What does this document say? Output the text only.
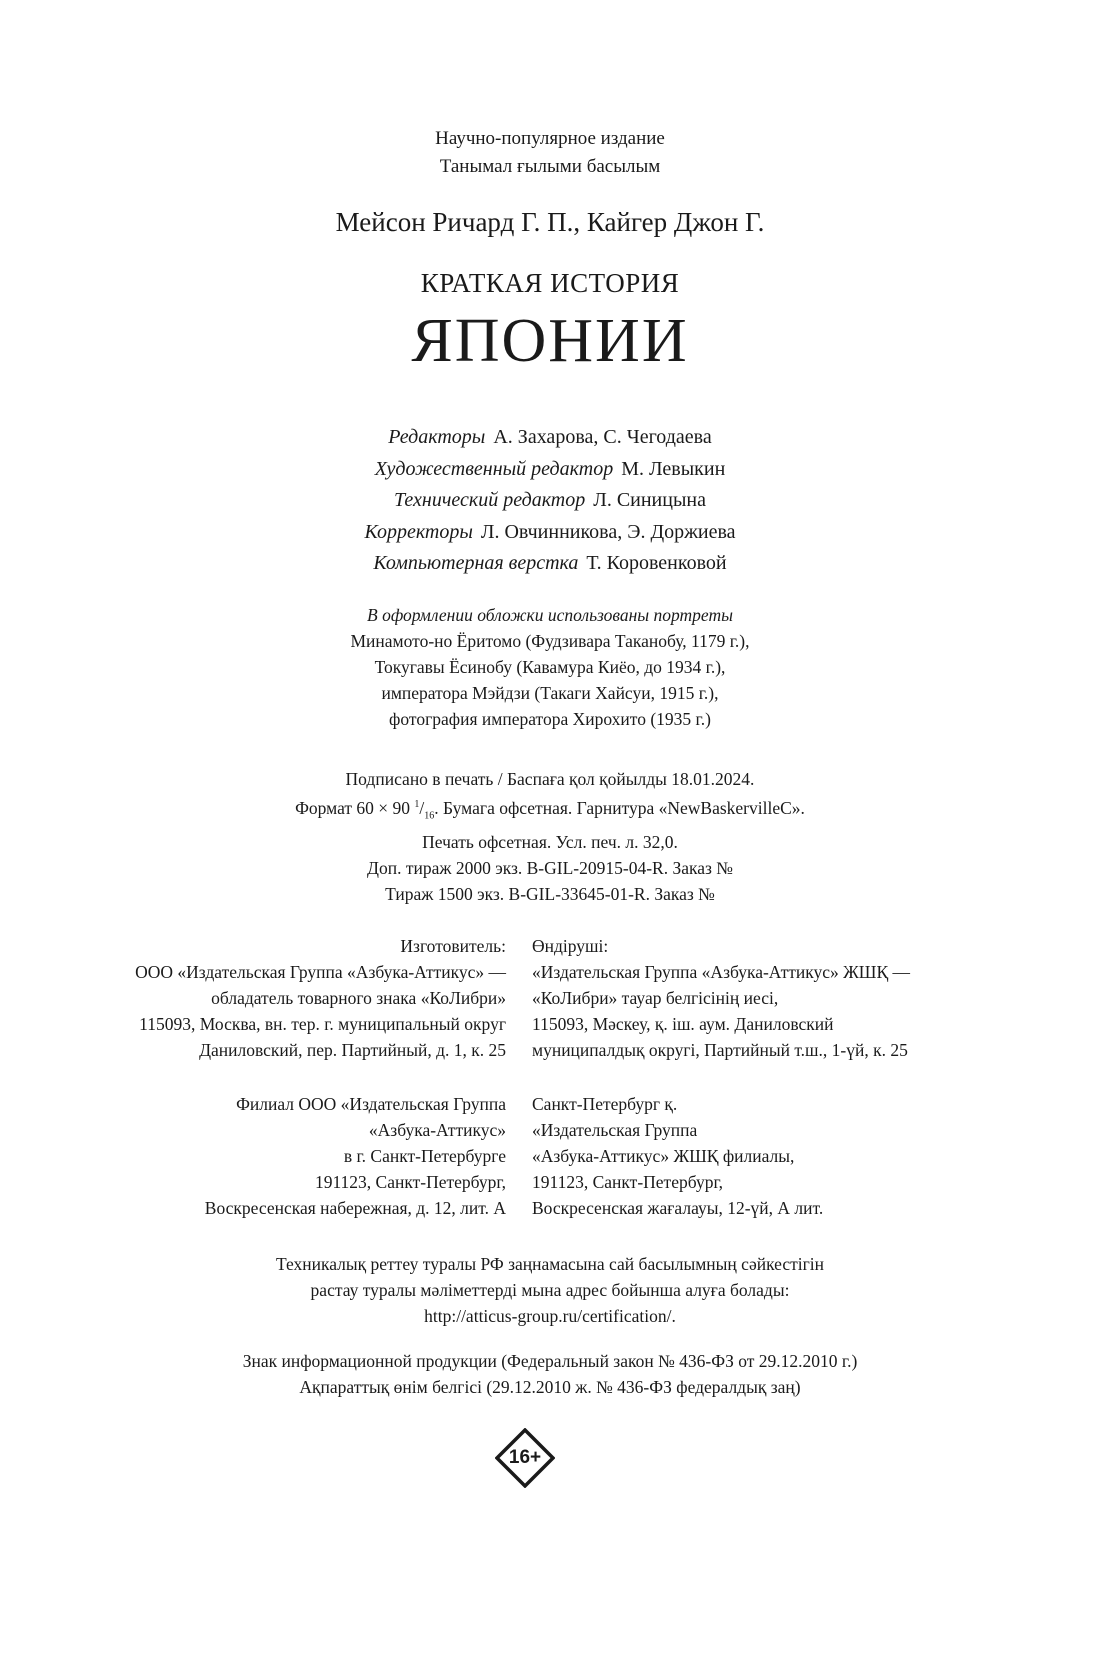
Научно-популярное издание
Танымал ғылыми басылым
Мейсон Ричард Г. П., Кайгер Джон Г.
КРАТКАЯ ИСТОРИЯ
ЯПОНИИ
Редакторы А. Захарова, С. Чегодаева
Художественный редактор М. Левыкин
Технический редактор Л. Синицына
Корректоры Л. Овчинникова, Э. Доржиева
Компьютерная верстка Т. Коровенковой
В оформлении обложки использованы портреты
Минамото-но Ёритомо (Фудзивара Таканобу, 1179 г.),
Токугавы Ёсинобу (Кавамура Киёо, до 1934 г.),
императора Мэйдзи (Такаги Хайсуи, 1915 г.),
фотография императора Хирохито (1935 г.)
Подписано в печать / Баспаға қол қойылды 18.01.2024.
Формат 60 × 90 $^1/_{16}$. Бумага офсетная. Гарнитура «NewBaskervilleC».
Печать офсетная. Усл. печ. л. 32,0.
Доп. тираж 2000 экз. B-GIL-20915-04-R. Заказ №
Тираж 1500 экз. B-GIL-33645-01-R. Заказ №
Изготовитель:
ООО «Издательская Группа «Азбука-Аттикус» —
обладатель товарного знака «КоЛибри»
115093, Москва, вн. тер. г. муниципальный округ
Даниловский, пер. Партийный, д. 1, к. 25
Өндіруші:
«Издательская Группа «Азбука-Аттикус» ЖШҚ —
«КоЛибри» тауар белгісінің иесі,
115093, Мәскеу, қ. іш. аум. Даниловский
муниципалдық округі, Партийный т.ш., 1-үй, к. 25
Филиал ООО «Издательская Группа
«Азбука-Аттикус»
в г. Санкт-Петербурге
191123, Санкт-Петербург,
Воскресенская набережная, д. 12, лит. А
Санкт-Петербург қ.
«Издательская Группа
«Азбука-Аттикус» ЖШҚ филиалы,
191123, Санкт-Петербург,
Воскресенская жағалауы, 12-үй, А лит.
Техникалық реттеу туралы РФ заңнамасына сай басылымның сәйкестігін
растау туралы мәліметтерді мына адрес бойынша алуға болады:
http://atticus-group.ru/certification/.
Знак информационной продукции (Федеральный закон № 436-ФЗ от 29.12.2010 г.)
Ақпараттық өнім белгісі (29.12.2010 ж. № 436-ФЗ федералдық заң)
16+
